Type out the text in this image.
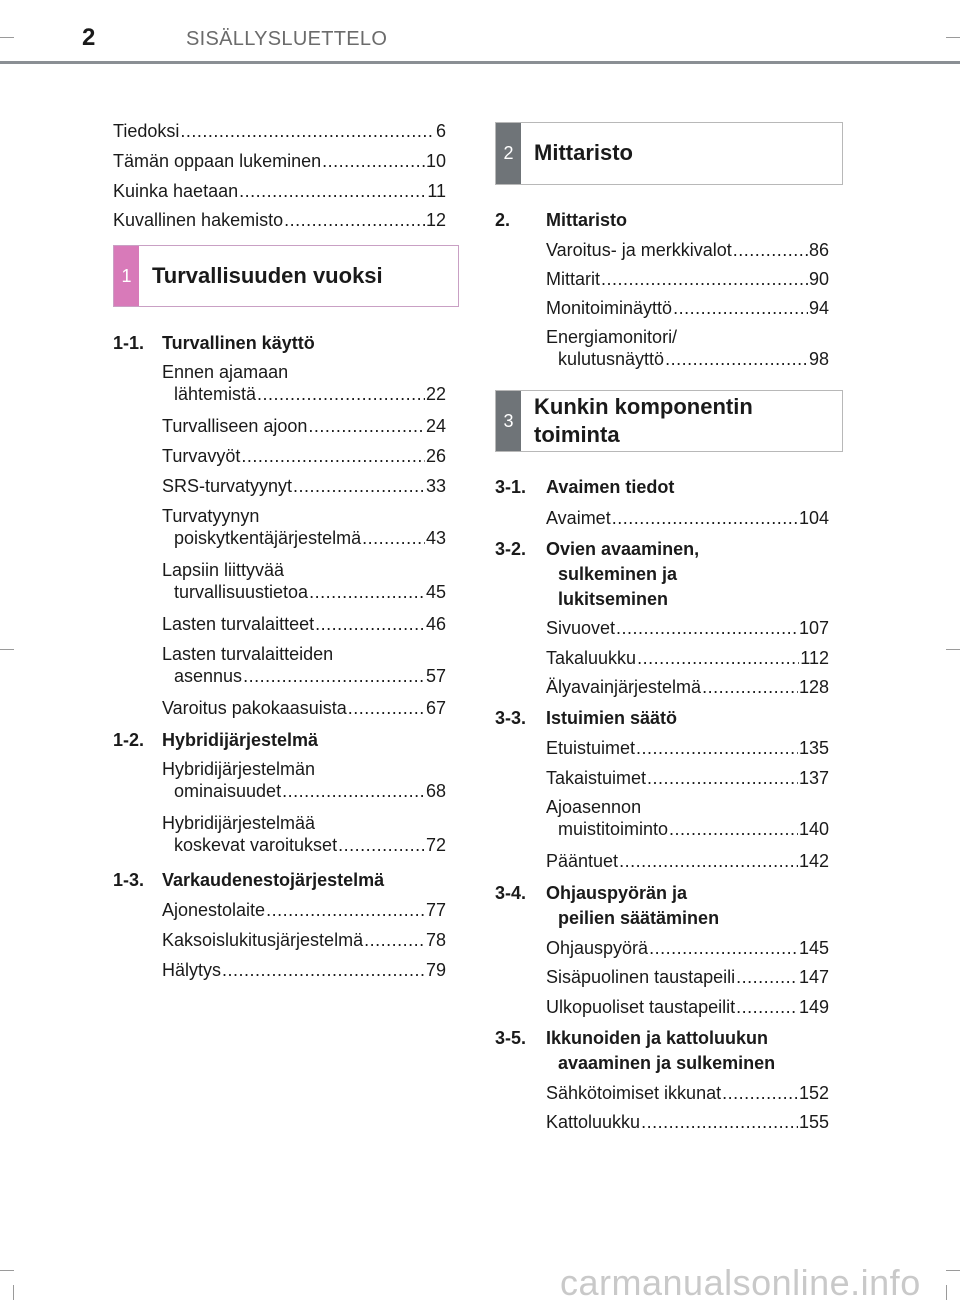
2	SISÄLLYSLUETTELO
Tiedoksi .....	6
Tämän oppaan lukeminen .....	10
Kuinka haetaan .....	11
Kuvallinen hakemisto .....	12
1 Turvallisuuden vuoksi
1-1. Turvallinen käyttö
Ennen ajamaan
lähtemistä .....	22
Turvalliseen ajoon .....	24
Turvavyöt .....	26
SRS-turvatyynyt .....	33
Turvatyynyn
poiskytkentäjärjestelmä .....	43
Lapsiin liittyvää
turvallisuustietoa .....	45
Lasten turvalaitteet .....	46
Lasten turvalaitteiden
asennus .....	57
Varoitus pakokaasuista .....	67
1-2. Hybridijärjestelmä
Hybridijärjestelmän
ominaisuudet .....	68
Hybridijärjestelmää
koskevat varoitukset .....	72
1-3. Varkaudenestojärjestelmä
Ajonestolaite .....	77
Kaksoislukitusjärjestelmä .....	78
Hälytys .....	79
2 Mittaristo
2. Mittaristo
Varoitus- ja merkkivalot .....	86
Mittarit .....	90
Monitoiminäyttö .....	94
Energiamonitori/
kulutusnäyttö .....	98
3
Kunkin komponentin
toiminta
3-1. Avaimen tiedot
Avaimet .....	104
3-2. Ovien avaaminen,
sulkeminen ja
lukitseminen
Sivuovet .....	107
Takaluukku .....	112
Älyavainjärjestelmä .....	128
3-3. Istuimien säätö
Etuistuimet .....	135
Takaistuimet .....	137
Ajoasennon
muistitoiminto .....	140
Pääntuet .....	142
3-4. Ohjauspyörän ja
peilien säätäminen
Ohjauspyörä .....	145
Sisäpuolinen taustapeili .....	147
Ulkopuoliset taustapeilit .....	149
3-5. Ikkunoiden ja kattoluukun
avaaminen ja sulkeminen
Sähkötoimiset ikkunat .....	152
Kattoluukku .....	155
carmanualsonline.info
